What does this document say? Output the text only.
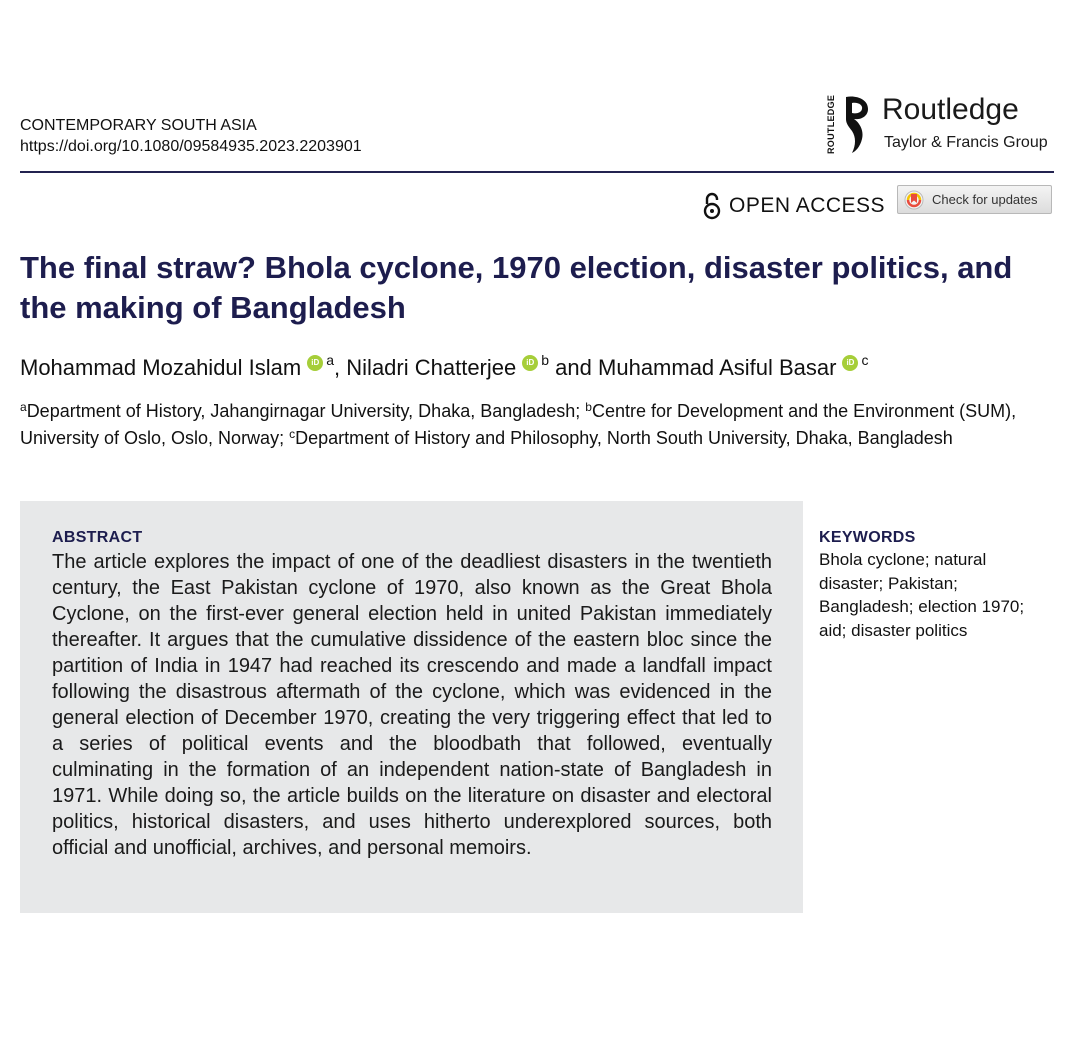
CONTEMPORARY SOUTH ASIA
https://doi.org/10.1080/09584935.2023.2203901	ROUTLEDGE Routledge
Taylor & Francis Group
OPEN ACCESS	Check for updates
The final straw? Bhola cyclone, 1970 election, disaster politics, and the making of Bangladesh
Mohammad Mozahidul Islam	iD $^a$, Niladri Chatterjee	iD $^b$ and Muhammad Asiful Basar	iD $^c$
$^a$Department of History, Jahangirnagar University, Dhaka, Bangladesh; $^b$Centre for Development and the Environment (SUM), University of Oslo, Oslo, Norway; $^c$Department of History and Philosophy, North South University, Dhaka, Bangladesh
ABSTRACT

The article explores the impact of one of the deadliest disasters in the twentieth century, the East Pakistan cyclone of 1970, also known as the Great Bhola Cyclone, on the first-ever general election held in united Pakistan immediately thereafter. It argues that the cumulative dissidence of the eastern bloc since the partition of India in 1947 had reached its crescendo and made a landfall impact following the disastrous aftermath of the cyclone, which was evidenced in the general election of December 1970, creating the very triggering effect that led to a series of political events and the bloodbath that followed, eventually culminating in the formation of an independent nation-state of Bangladesh in 1971. While doing so, the article builds on the literature on disaster and electoral politics, historical disasters, and uses hitherto underexplored sources, both official and unofficial, archives, and personal memoirs.

KEYWORDS

Bhola cyclone; natural disaster; Pakistan; Bangladesh; election 1970; aid; disaster politics
